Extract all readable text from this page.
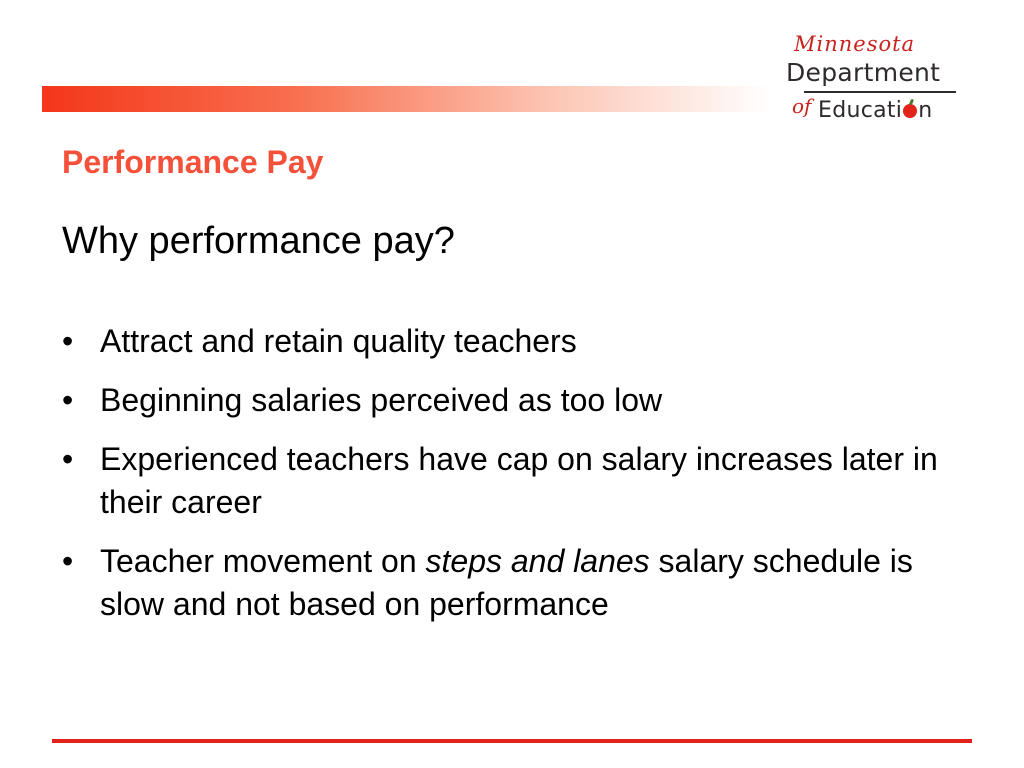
Minnesota
Department
of Educati n
Performance Pay
Why performance pay?
• Attract and retain quality teachers
• Beginning salaries perceived as too low
• Experienced teachers have cap on salary increases later in their career
• Teacher movement on steps and lanes salary schedule is slow and not based on performance
